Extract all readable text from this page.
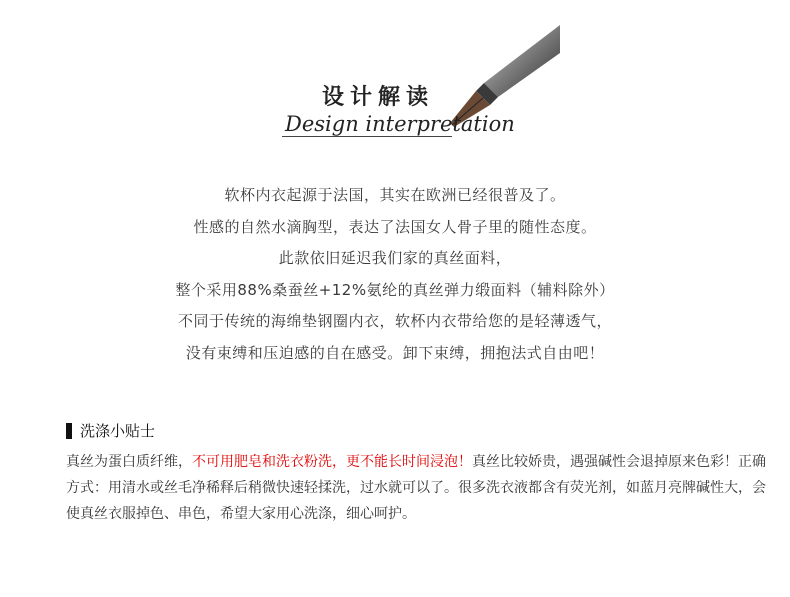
设计解读
Design interpretation

软杯内衣起源于法国，其实在欧洲已经很普及了。

性感的自然水滴胸型，表达了法国女人骨子里的随性态度。

此款依旧延迟我们家的真丝面料，

整个采用88%桑蚕丝+12%氨纶的真丝弹力缎面料（辅料除外）

不同于传统的海绵垫钢圈内衣，软杯内衣带给您的是轻薄透气，

没有束缚和压迫感的自在感受。卸下束缚，拥抱法式自由吧！

洗涤小贴士
真丝为蛋白质纤维，不可用肥皂和洗衣粉洗，更不能长时间浸泡！真丝比较娇贵，遇强碱性会退掉原来色彩！正确方式：用清水或丝毛净稀释后稍微快速轻揉洗，过水就可以了。很多洗衣液都含有荧光剂，如蓝月亮牌碱性大，会使真丝衣服掉色、串色，希望大家用心洗涤，细心呵护。
